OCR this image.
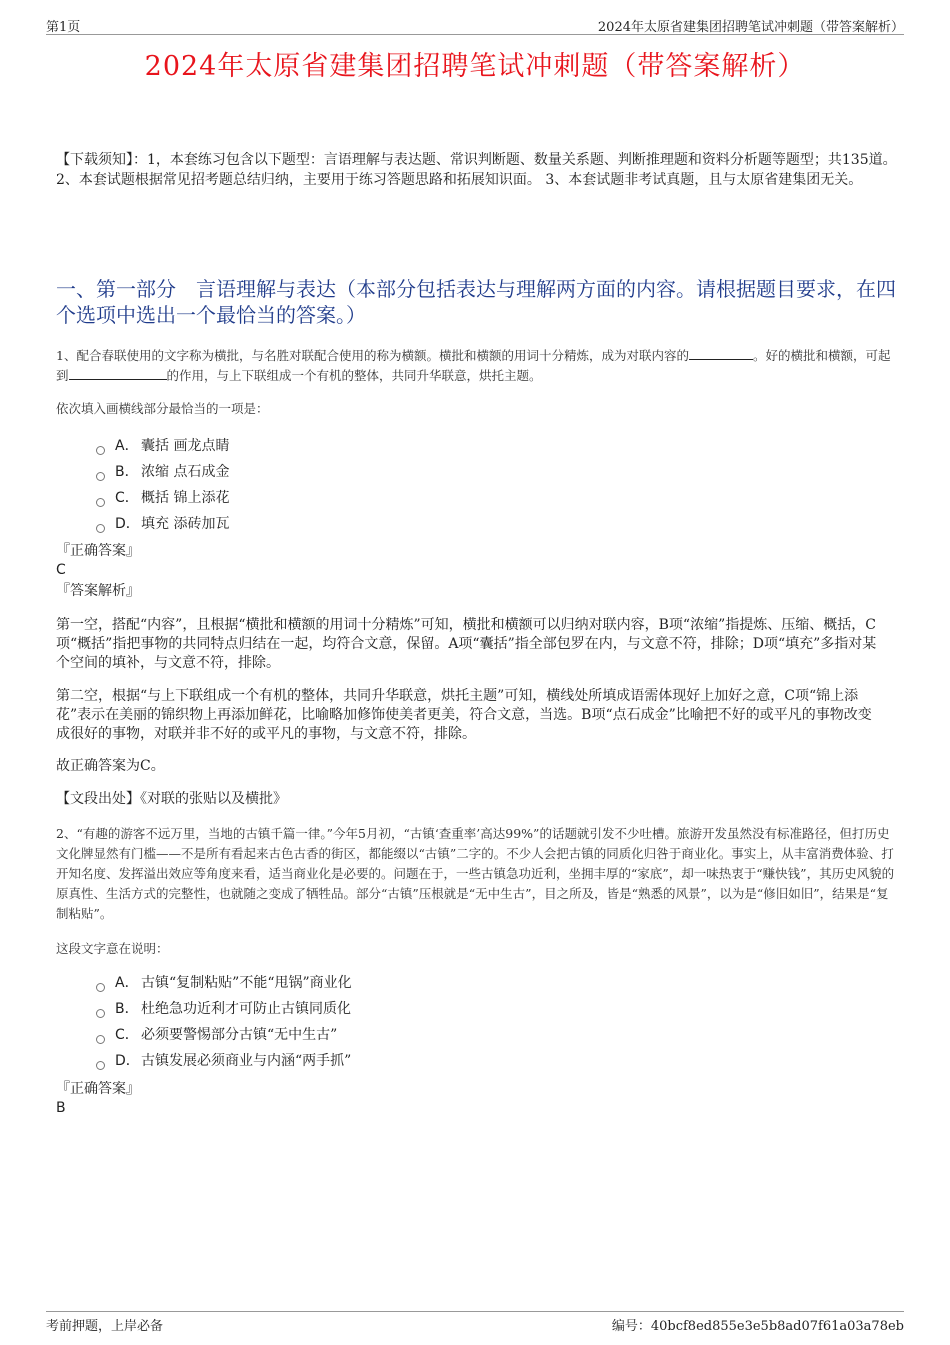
第1页	2024年太原省建集团招聘笔试冲刺题（带答案解析）
2024年太原省建集团招聘笔试冲刺题（带答案解析）
【下载须知】：1，本套练习包含以下题型：言语理解与表达题、常识判断题、数量关系题、判断推理题和资料分析题等题型；共135道。 2、本套试题根据常见招考题总结归纳，主要用于练习答题思路和拓展知识面。 3、本套试题非考试真题，且与太原省建集团无关。
一、第一部分　言语理解与表达（本部分包括表达与理解两方面的内容。请根据题目要求，在四个选项中选出一个最恰当的答案。）
1、配合春联使用的文字称为横批，与名胜对联配合使用的称为横额。横批和横额的用词十分精炼，成为对联内容的	。好的横批和横额，可起到	的作用，与上下联组成一个有机的整体，共同升华联意，烘托主题。
依次填入画横线部分最恰当的一项是：
A． 囊括 画龙点睛
B． 浓缩 点石成金
C． 概括 锦上添花
D． 填充 添砖加瓦
『正确答案』
C
『答案解析』
第一空，搭配“内容”，且根据“横批和横额的用词十分精炼”可知，横批和横额可以归纳对联内容，B项“浓缩”指提炼、压缩、概括，C项“概括”指把事物的共同特点归结在一起，均符合文意，保留。A项“囊括”指全部包罗在内，与文意不符，排除；D项“填充”多指对某个空间的填补，与文意不符，排除。
第二空，根据“与上下联组成一个有机的整体，共同升华联意，烘托主题”可知，横线处所填成语需体现好上加好之意，C项“锦上添花”表示在美丽的锦织物上再添加鲜花，比喻略加修饰使美者更美，符合文意，当选。B项“点石成金”比喻把不好的或平凡的事物改变成很好的事物，对联并非不好的或平凡的事物，与文意不符，排除。
故正确答案为C。
【文段出处】《对联的张贴以及横批》
2、“有趣的游客不远万里，当地的古镇千篇一律。”今年5月初，“古镇‘查重率’高达99%”的话题就引发不少吐槽。旅游开发虽然没有标准路径，但打历史文化牌显然有门槛——不是所有看起来古色古香的街区，都能缀以“古镇”二字的。不少人会把古镇的同质化归咎于商业化。事实上，从丰富消费体验、打开知名度、发挥溢出效应等角度来看，适当商业化是必要的。问题在于，一些古镇急功近利，坐拥丰厚的“家底”，却一味热衷于“赚快钱”，其历史风貌的原真性、生活方式的完整性，也就随之变成了牺牲品。部分“古镇”压根就是“无中生古”，目之所及，皆是“熟悉的风景”，以为是“修旧如旧”，结果是“复制粘贴”。
这段文字意在说明：
A． 古镇“复制粘贴”不能“甩锅”商业化
B． 杜绝急功近利才可防止古镇同质化
C． 必须要警惕部分古镇“无中生古”
D． 古镇发展必须商业与内涵“两手抓”
『正确答案』
B
考前押题，上岸必备	编号：40bcf8ed855e3e5b8ad07f61a03a78eb
